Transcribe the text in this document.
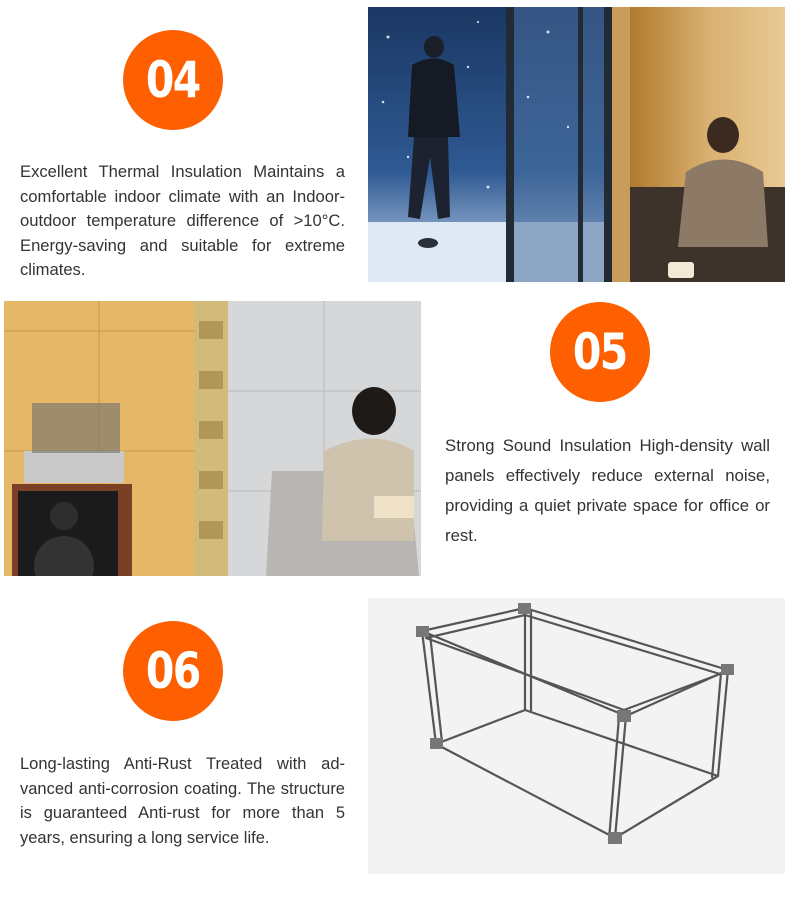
04
Excellent Thermal Insulation Maintains a comfortable indoor climate with an Indoor-outdoor temperature difference of >10°C. Energy-saving and suitable for extreme climates.
05
Strong Sound Insulation High-density wall panels effectively reduce external noise, providing a quiet private space for office or rest.
06
Long-lasting Anti-Rust Treated with advanced anti-corrosion coating. The structure is guaranteed Anti-rust for more than 5 years, ensuring a long service life.
